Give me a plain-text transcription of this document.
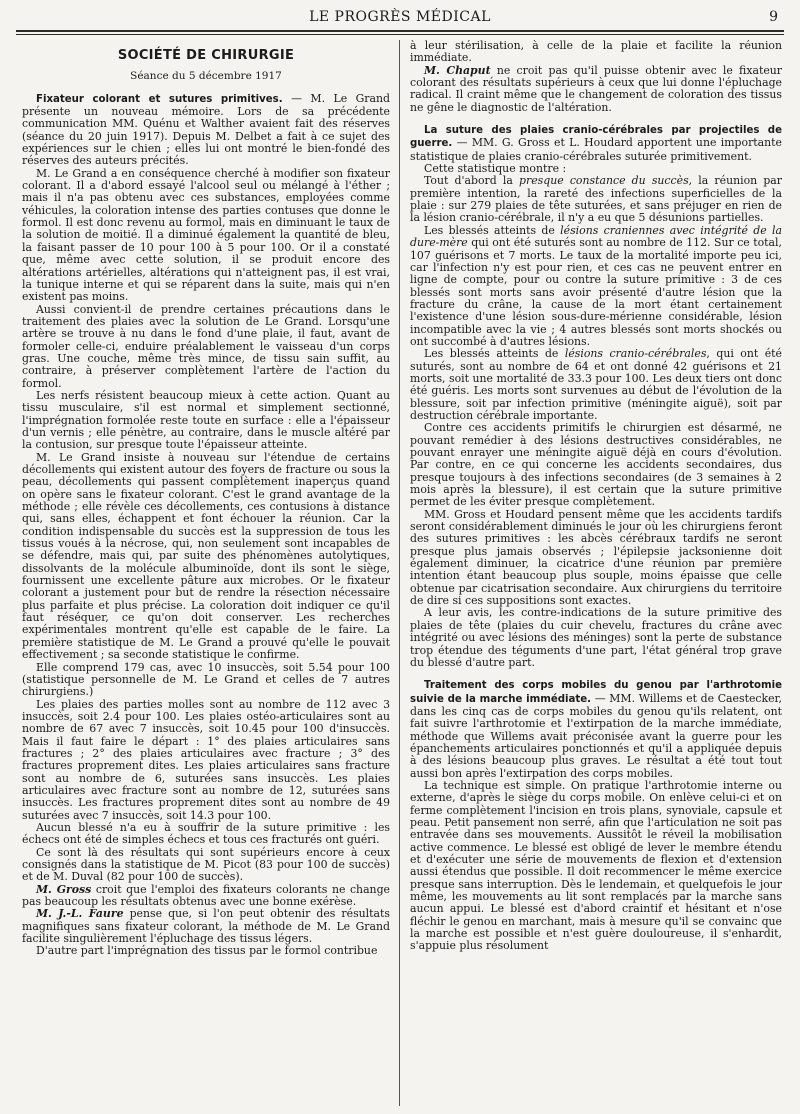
LE PROGRÈS MÉDICAL	9
SOCIÉTÉ DE CHIRURGIE
Séance du 5 décembre 1917

Fixateur colorant et sutures primitives. — M. Le Grand présente un nouveau mémoire. Lors de sa précédente communication MM. Quénu et Walther avaient fait des réserves (séance du 20 juin 1917). Depuis M. Delbet a fait à ce sujet des expériences sur le chien ; elles lui ont montré le bien-fondé des réserves des auteurs précités.

M. Le Grand a en conséquence cherché à modifier son fixateur colorant. Il a d'abord essayé l'alcool seul ou mélangé à l'éther ; mais il n'a pas obtenu avec ces substances, employées comme véhicules, la coloration intense des parties contuses que donne le formol. Il est donc revenu au formol, mais en diminuant le taux de la solution de moitié. Il a diminué également la quantité de bleu, la faisant passer de 10 pour 100 à 5 pour 100. Or il a constaté que, même avec cette solution, il se produit encore des altérations artérielles, altérations qui n'atteignent pas, il est vrai, la tunique interne et qui se réparent dans la suite, mais qui n'en existent pas moins.

Aussi convient-il de prendre certaines précautions dans le traitement des plaies avec la solution de Le Grand. Lorsqu'une artère se trouve à nu dans le fond d'une plaie, il faut, avant de formoler celle-ci, enduire préalablement le vaisseau d'un corps gras. Une couche, même très mince, de tissu sain suffit, au contraire, à préserver complètement l'artère de l'action du formol.

Les nerfs résistent beaucoup mieux à cette action. Quant au tissu musculaire, s'il est normal et simplement sectionné, l'imprégnation formolée reste toute en surface : elle a l'épaisseur d'un vernis ; elle pénètre, au contraire, dans le muscle altéré par la contusion, sur presque toute l'épaisseur atteinte.

M. Le Grand insiste à nouveau sur l'étendue de certains décollements qui existent autour des foyers de fracture ou sous la peau, décollements qui passent complètement inaperçus quand on opère sans le fixateur colorant. C'est le grand avantage de la méthode ; elle révèle ces décollements, ces contusions à distance qui, sans elles, échappent et font échouer la réunion. Car la condition indispensable du succès est la suppression de tous les tissus voués à la nécrose, qui, non seulement sont incapables de se défendre, mais qui, par suite des phénomènes autolytiques, dissolvants de la molécule albuminoïde, dont ils sont le siège, fournissent une excellente pâture aux microbes. Or le fixateur colorant a justement pour but de rendre la résection nécessaire plus parfaite et plus précise. La coloration doit indiquer ce qu'il faut réséquer, ce qu'on doit conserver. Les recherches expérimentales montrent qu'elle est capable de le faire. La première statistique de M. Le Grand a prouvé qu'elle le pouvait effectivement ; sa seconde statistique le confirme.

Elle comprend 179 cas, avec 10 insuccès, soit 5.54 pour 100 (statistique personnelle de M. Le Grand et celles de 7 autres chirurgiens.)

Les plaies des parties molles sont au nombre de 112 avec 3 insuccès, soit 2.4 pour 100. Les plaies ostéo-articulaires sont au nombre de 67 avec 7 insuccès, soit 10.45 pour 100 d'insuccès. Mais il faut faire le départ : 1° des plaies articulaires sans fractures ; 2° des plaies articulaires avec fracture ; 3° des fractures proprement dites. Les plaies articulaires sans fracture sont au nombre de 6, suturées sans insuccès. Les plaies articulaires avec fracture sont au nombre de 12, suturées sans insuccès. Les fractures proprement dites sont au nombre de 49 suturées avec 7 insuccès, soit 14.3 pour 100.

Aucun blessé n'a eu à souffrir de la suture primitive : les échecs ont été de simples échecs et tous ces fracturés ont guéri.

Ce sont là des résultats qui sont supérieurs encore à ceux consignés dans la statistique de M. Picot (83 pour 100 de succès) et de M. Duval (82 pour 100 de succès).

M. Gross croit que l'emploi des fixateurs colorants ne change pas beaucoup les résultats obtenus avec une bonne exérèse.

M. J.-L. Faure pense que, si l'on peut obtenir des résultats magnifiques sans fixateur colorant, la méthode de M. Le Grand facilite singulièrement l'épluchage des tissus légers.

D'autre part l'imprégnation des tissus par le formol contribue

à leur stérilisation, à celle de la plaie et facilite la réunion immédiate.

M. Chaput ne croit pas qu'il puisse obtenir avec le fixateur colorant des résultats supérieurs à ceux que lui donne l'épluchage radical. Il craint même que le changement de coloration des tissus ne gêne le diagnostic de l'altération.

La suture des plaies cranio-cérébrales par projectiles de guerre. — MM. G. Gross et L. Houdard apportent une importante statistique de plaies cranio-cérébrales suturée primitivement.

Cette statistique montre :

Tout d'abord la presque constance du succès, la réunion par première intention, la rareté des infections superficielles de la plaie : sur 279 plaies de tête suturées, et sans préjuger en rien de la lésion cranio-cérébrale, il n'y a eu que 5 désunions partielles.

Les blessés atteints de lésions craniennes avec intégrité de la dure-mère qui ont été suturés sont au nombre de 112. Sur ce total, 107 guérisons et 7 morts. Le taux de la mortalité importe peu ici, car l'infection n'y est pour rien, et ces cas ne peuvent entrer en ligne de compte, pour ou contre la suture primitive : 3 de ces blessés sont morts sans avoir présenté d'autre lésion que la fracture du crâne, la cause de la mort étant certainement l'existence d'une lésion sous-dure-mérienne considérable, lésion incompatible avec la vie ; 4 autres blessés sont morts shockés ou ont succombé à d'autres lésions.

Les blessés atteints de lésions cranio-cérébrales, qui ont été suturés, sont au nombre de 64 et ont donné 42 guérisons et 21 morts, soit une mortalité de 33.3 pour 100. Les deux tiers ont donc été guéris. Les morts sont survenues au début de l'évolution de la blessure, soit par infection primitive (méningite aiguë), soit par destruction cérébrale importante.

Contre ces accidents primitifs le chirurgien est désarmé, ne pouvant remédier à des lésions destructives considérables, ne pouvant enrayer une méningite aiguë déjà en cours d'évolution. Par contre, en ce qui concerne les accidents secondaires, dus presque toujours à des infections secondaires (de 3 semaines à 2 mois après la blessure), il est certain que la suture primitive permet de les éviter presque complètement.

MM. Gross et Houdard pensent même que les accidents tardifs seront considérablement diminués le jour où les chirurgiens feront des sutures primitives : les abcès cérébraux tardifs ne seront presque plus jamais observés ; l'épilepsie jacksonienne doit également diminuer, la cicatrice d'une réunion par première intention étant beaucoup plus souple, moins épaisse que celle obtenue par cicatrisation secondaire. Aux chirurgiens du territoire de dire si ces suppositions sont exactes.

A leur avis, les contre-indications de la suture primitive des plaies de tête (plaies du cuir chevelu, fractures du crâne avec intégrité ou avec lésions des méninges) sont la perte de substance trop étendue des téguments d'une part, l'état général trop grave du blessé d'autre part.

Traitement des corps mobiles du genou par l'arthrotomie suivie de la marche immédiate. — MM. Willems et de Caestecker, dans les cinq cas de corps mobiles du genou qu'ils relatent, ont fait suivre l'arthrotomie et l'extirpation de la marche immédiate, méthode que Willems avait préconisée avant la guerre pour les épanchements articulaires ponctionnés et qu'il a appliquée depuis à des lésions beaucoup plus graves. Le résultat a été tout tout aussi bon après l'extirpation des corps mobiles.

La technique est simple. On pratique l'arthrotomie interne ou externe, d'après le siège du corps mobile. On enlève celui-ci et on ferme complètement l'incision en trois plans, synoviale, capsule et peau. Petit pansement non serré, afin que l'articulation ne soit pas entravée dans ses mouvements. Aussitôt le réveil la mobilisation active commence. Le blessé est obligé de lever le membre étendu et d'exécuter une série de mouvements de flexion et d'extension aussi étendus que possible. Il doit recommencer le même exercice presque sans interruption. Dès le lendemain, et quelquefois le jour même, les mouvements au lit sont remplacés par la marche sans aucun appui. Le blessé est d'abord craintif et hésitant et n'ose fléchir le genou en marchant, mais à mesure qu'il se convainc que la marche est possible et n'est guère douloureuse, il s'enhardit, s'appuie plus résolument
